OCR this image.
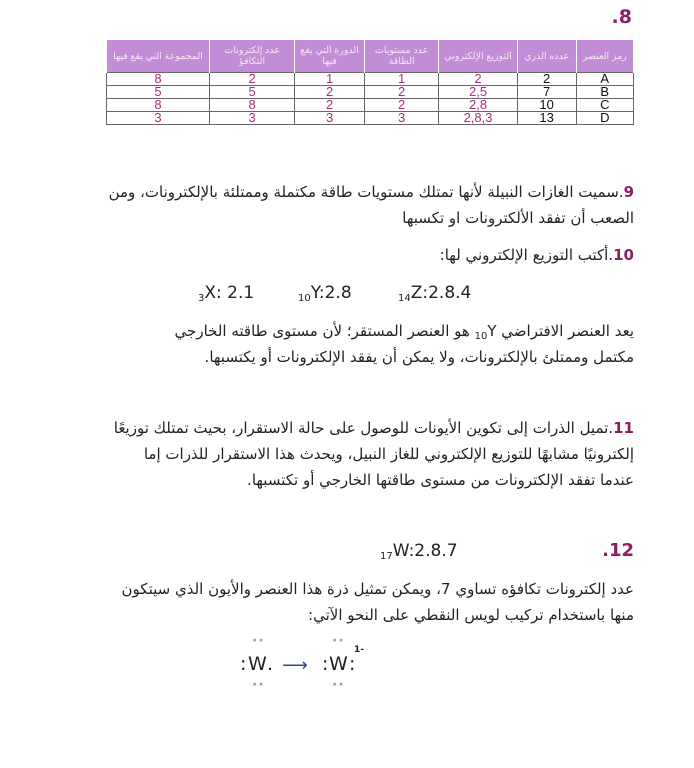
.8
رمز العنصر	عدده الذري	التوزيع الإلكتروني	عدد مستويات الطاقة	الدورة التي يقع فيها	عدد إلكترونات التكافؤ	المجموعة التي يقع فيها
A	2	2	1	1	2	8
B	7	2,5	2	2	5	5
C	10	2,8	2	2	8	8
D	13	2,8,3	3	3	3	3
9.سميت الغازات النبيلة لأنها تمتلك مستويات طاقة مكتملة وممتلئة بالإلكترونات، ومن
الصعب أن تفقد الألكترونات او تكسبها
10.أكتب التوزيع الإلكتروني لها:
$_3$X: 2.1	$_{10}$Y:2.8	$_{14}$Z:2.8.4
يعد العنصر الافتراضي $_{10}$Y هو العنصر المستقر؛ لأن مستوى طاقته الخارجي
مكتمل وممتلئ بالإلكترونات، ولا يمكن أن يفقد الإلكترونات أو يكتسبها.
11.تميل الذرات إلى تكوين الأيونات للوصول على حالة الاستقرار، بحيث تمتلك توزيعًا
إلكترونيًا مشابهًا للتوزيع الإلكتروني للغاز النبيل، ويحدث هذا الاستقرار للذرات إما
عندما تفقد الإلكترونات من مستوى طاقتها الخارجي أو تكتسبها.
.12
$_{17}$W:2.8.7
عدد إلكترونات تكافؤه تساوي 7، ويمكن تمثيل ذرة هذا العنصر والأيون الذي سيتكون
منها باستخدام تركيب لويس النقطي على النحو الآتي:
··
: W .
··
⟶
··
: W :
1-
··
